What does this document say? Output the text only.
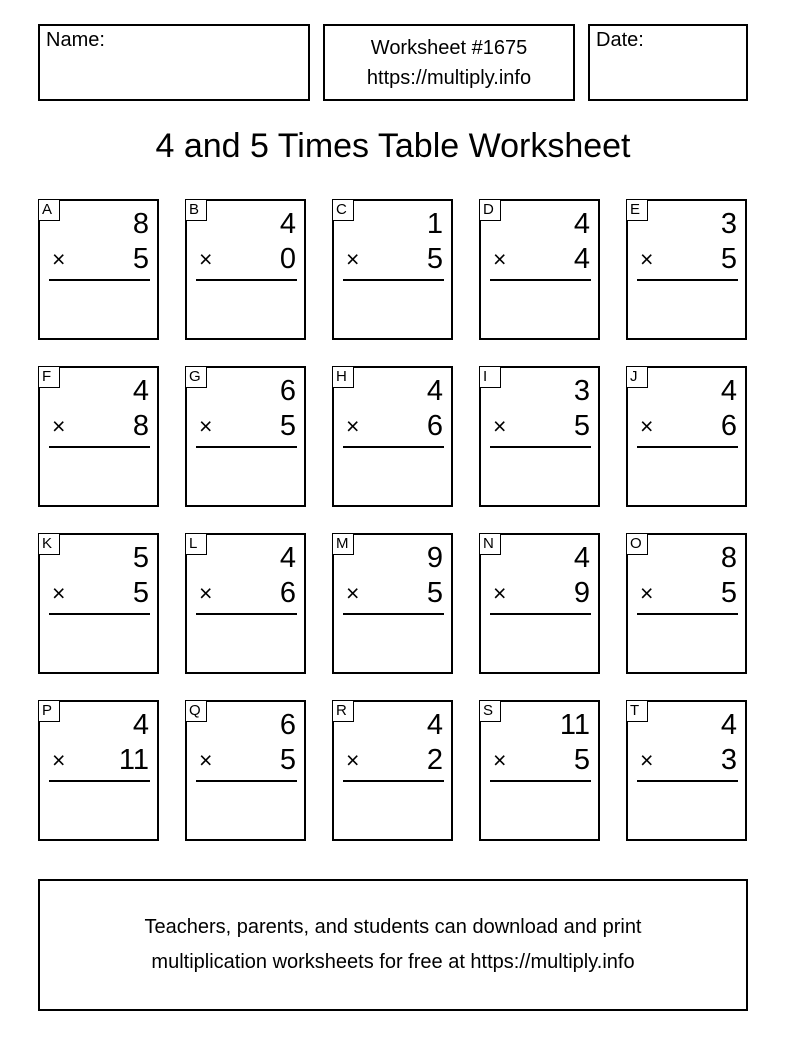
Name:	Worksheet #1675
https://multiply.info
Date:
4 and 5 Times Table Worksheet
A	8
× 5
B	4
× 0
C	1
× 5
D	4
× 4
E	3
× 5
F	4
× 8
G	6
× 5
H	4
× 6
I	3
× 5
J	4
× 6
K	5
× 5
L	4
× 6
M	9
× 5
N	4
× 9
O	8
× 5
P	4
× 11
Q	6
× 5
R	4
× 2
S 11
× 5
T	4
× 3
Teachers, parents, and students can download and print
multiplication worksheets for free at https://multiply.info
